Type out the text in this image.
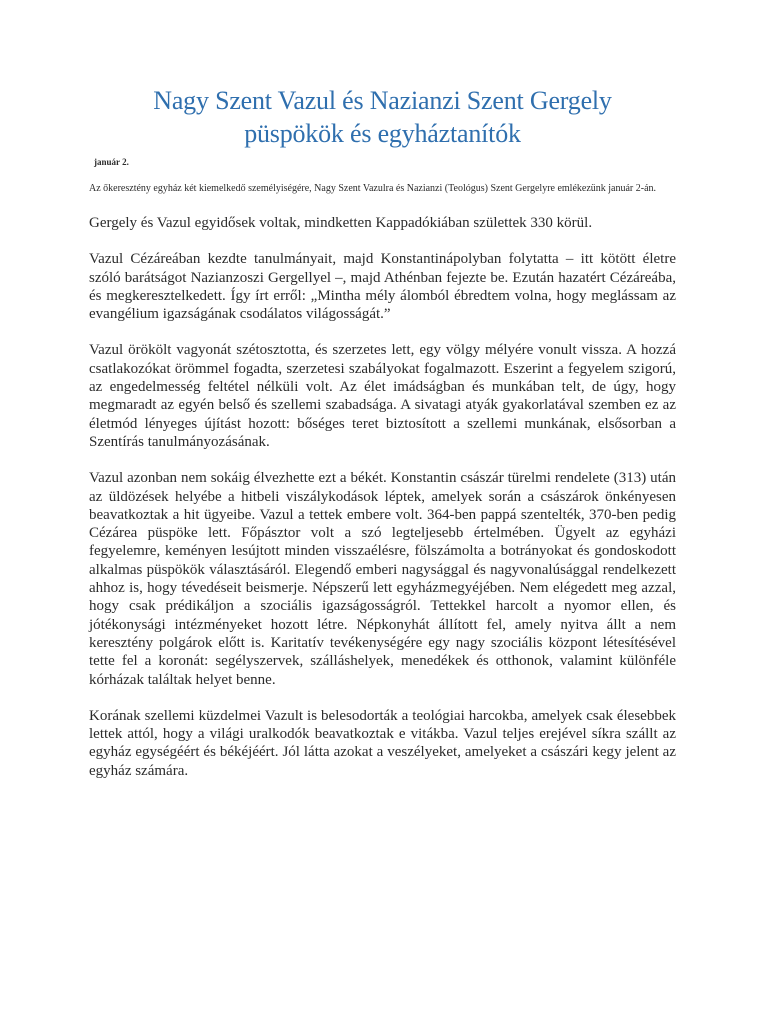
Nagy Szent Vazul és Nazianzi Szent Gergely
püspökök és egyháztanítók
január 2.

Az őkeresztény egyház két kiemelkedő személyiségére, Nagy Szent Vazulra és Nazianzi (Teológus) Szent Gergelyre emlékezünk január 2-án.

Gergely és Vazul egyidősek voltak, mindketten Kappadókiában születtek 330 körül.

Vazul Cézáreában kezdte tanulmányait, majd Konstantinápolyban folytatta – itt kötött életre szóló barátságot Nazianzoszi Gergellyel –, majd Athénban fejezte be. Ezután hazatért Cézáreába, és megkeresztelkedett. Így írt erről: „Mintha mély álomból ébredtem volna, hogy meglássam az evangélium igazságának csodálatos világosságát.”

Vazul örökölt vagyonát szétosztotta, és szerzetes lett, egy völgy mélyére vonult vissza. A hozzá csatlakozókat örömmel fogadta, szerzetesi szabályokat fogalmazott. Eszerint a fegyelem szigorú, az engedelmesség feltétel nélküli volt. Az élet imádságban és munkában telt, de úgy, hogy megmaradt az egyén belső és szellemi szabadsága. A sivatagi atyák gyakorlatával szemben ez az életmód lényeges újítást hozott: bőséges teret biztosított a szellemi munkának, elsősorban a Szentírás tanulmányozásának.

Vazul azonban nem sokáig élvezhette ezt a békét. Konstantin császár türelmi rendelete (313) után az üldözések helyébe a hitbeli viszálykodások léptek, amelyek során a császárok önkényesen beavatkoztak a hit ügyeibe. Vazul a tettek embere volt. 364-ben pappá szentelték, 370-ben pedig Cézárea püspöke lett. Főpásztor volt a szó legteljesebb értelmében. Ügyelt az egyházi fegyelemre, keményen lesújtott minden visszaélésre, fölszámolta a botrányokat és gondoskodott alkalmas püspökök választásáról. Elegendő emberi nagysággal és nagyvonalúsággal rendelkezett ahhoz is, hogy tévedéseit beismerje. Népszerű lett egyházmegyéjében. Nem elégedett meg azzal, hogy csak prédikáljon a szociális igazságosságról. Tettekkel harcolt a nyomor ellen, és jótékonysági intézményeket hozott létre. Népkonyhát állított fel, amely nyitva állt a nem keresztény polgárok előtt is. Karitatív tevékenységére egy nagy szociális központ létesítésével tette fel a koronát: segélyszervek, szálláshelyek, menedékek és otthonok, valamint különféle kórházak találtak helyet benne.

Korának szellemi küzdelmei Vazult is belesodorták a teológiai harcokba, amelyek csak élesebbek lettek attól, hogy a világi uralkodók beavatkoztak e vitákba. Vazul teljes erejével síkra szállt az egyház egységéért és békéjéért. Jól látta azokat a veszélyeket, amelyeket a császári kegy jelent az egyház számára.
